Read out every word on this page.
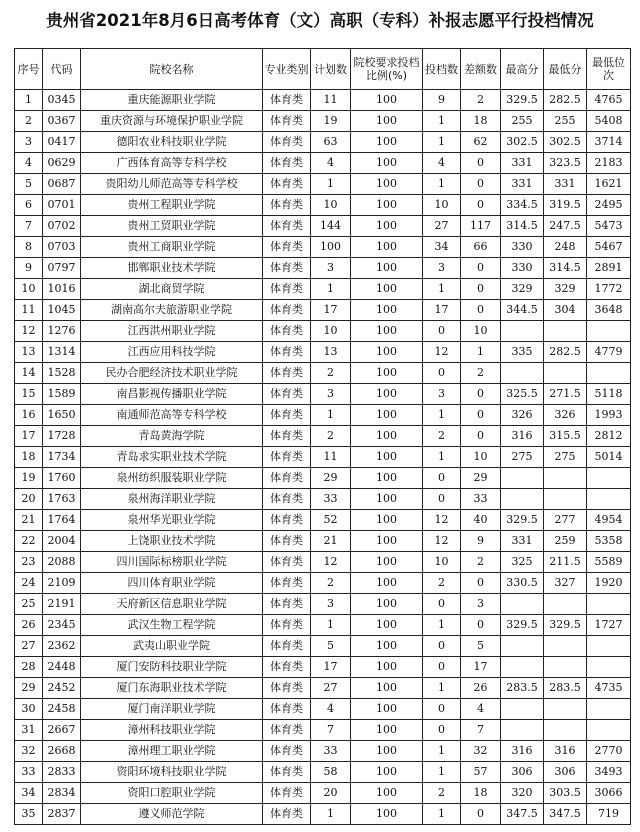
贵州省2021年8月6日高考体育（文）高职（专科）补报志愿平行投档情况
序号	代码	院校名称	专业类别	计划数	院校要求投档比例(%)	投档数	差额数	最高分	最低分	最低位次
1	0345	重庆能源职业学院	体育类	11	100	9	2	329.5	282.5	4765
2	0367	重庆资源与环境保护职业学院	体育类	19	100	1	18	255	255	5408
3	0417	德阳农业科技职业学院	体育类	63	100	1	62	302.5	302.5	3714
4	0629	广西体育高等专科学校	体育类	4	100	4	0	331	323.5	2183
5	0687	贵阳幼儿师范高等专科学校	体育类	1	100	1	0	331	331	1621
6	0701	贵州工程职业学院	体育类	10	100	10	0	334.5	319.5	2495
7	0702	贵州工贸职业学院	体育类	144	100	27	117	314.5	247.5	5473
8	0703	贵州工商职业学院	体育类	100	100	34	66	330	248	5467
9	0797	邯郸职业技术学院	体育类	3	100	3	0	330	314.5	2891
10	1016	湖北商贸学院	体育类	1	100	1	0	329	329	1772
11	1045	湖南高尔夫旅游职业学院	体育类	17	100	17	0	344.5	304	3648
12	1276	江西洪州职业学院	体育类	10	100	0	10			
13	1314	江西应用科技学院	体育类	13	100	12	1	335	282.5	4779
14	1528	民办合肥经济技术职业学院	体育类	2	100	0	2			
15	1589	南昌影视传播职业学院	体育类	3	100	3	0	325.5	271.5	5118
16	1650	南通师范高等专科学校	体育类	1	100	1	0	326	326	1993
17	1728	青岛黄海学院	体育类	2	100	2	0	316	315.5	2812
18	1734	青岛求实职业技术学院	体育类	11	100	1	10	275	275	5014
19	1760	泉州纺织服装职业学院	体育类	29	100	0	29			
20	1763	泉州海洋职业学院	体育类	33	100	0	33			
21	1764	泉州华光职业学院	体育类	52	100	12	40	329.5	277	4954
22	2004	上饶职业技术学院	体育类	21	100	12	9	331	259	5358
23	2088	四川国际标榜职业学院	体育类	12	100	10	2	325	211.5	5589
24	2109	四川体育职业学院	体育类	2	100	2	0	330.5	327	1920
25	2191	天府新区信息职业学院	体育类	3	100	0	3			
26	2345	武汉生物工程学院	体育类	1	100	1	0	329.5	329.5	1727
27	2362	武夷山职业学院	体育类	5	100	0	5			
28	2448	厦门安防科技职业学院	体育类	17	100	0	17			
29	2452	厦门东海职业技术学院	体育类	27	100	1	26	283.5	283.5	4735
30	2458	厦门南洋职业学院	体育类	4	100	0	4			
31	2667	漳州科技职业学院	体育类	7	100	0	7			
32	2668	漳州理工职业学院	体育类	33	100	1	32	316	316	2770
33	2833	资阳环境科技职业学院	体育类	58	100	1	57	306	306	3493
34	2834	资阳口腔职业学院	体育类	20	100	2	18	320	303.5	3066
35	2837	遵义师范学院	体育类	1	100	1	0	347.5	347.5	719
